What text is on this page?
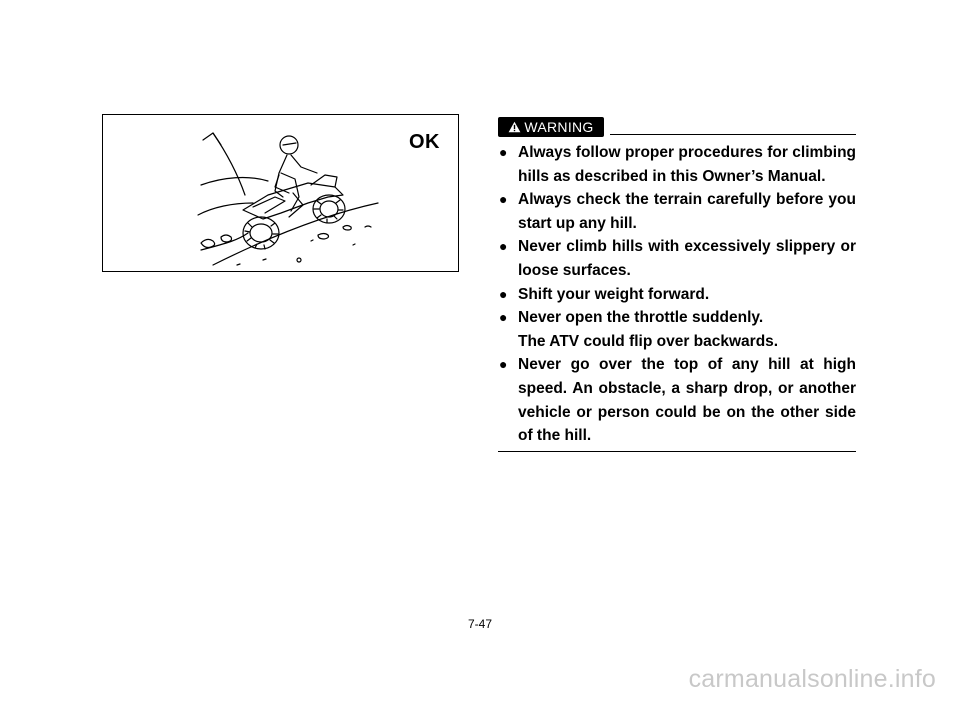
OK
WARNING
● Always follow proper procedures for climbing hills as described in this Owner’s Manual.
● Always check the terrain carefully before you start up any hill.
● Never climb hills with excessively slippery or loose surfaces.
● Shift your weight forward.
● Never open the throttle suddenly.
The ATV could flip over backwards.
● Never go over the top of any hill at high speed. An obstacle, a sharp drop, or another vehicle or person could be on the other side of the hill.
7-47
carmanualsonline.info
